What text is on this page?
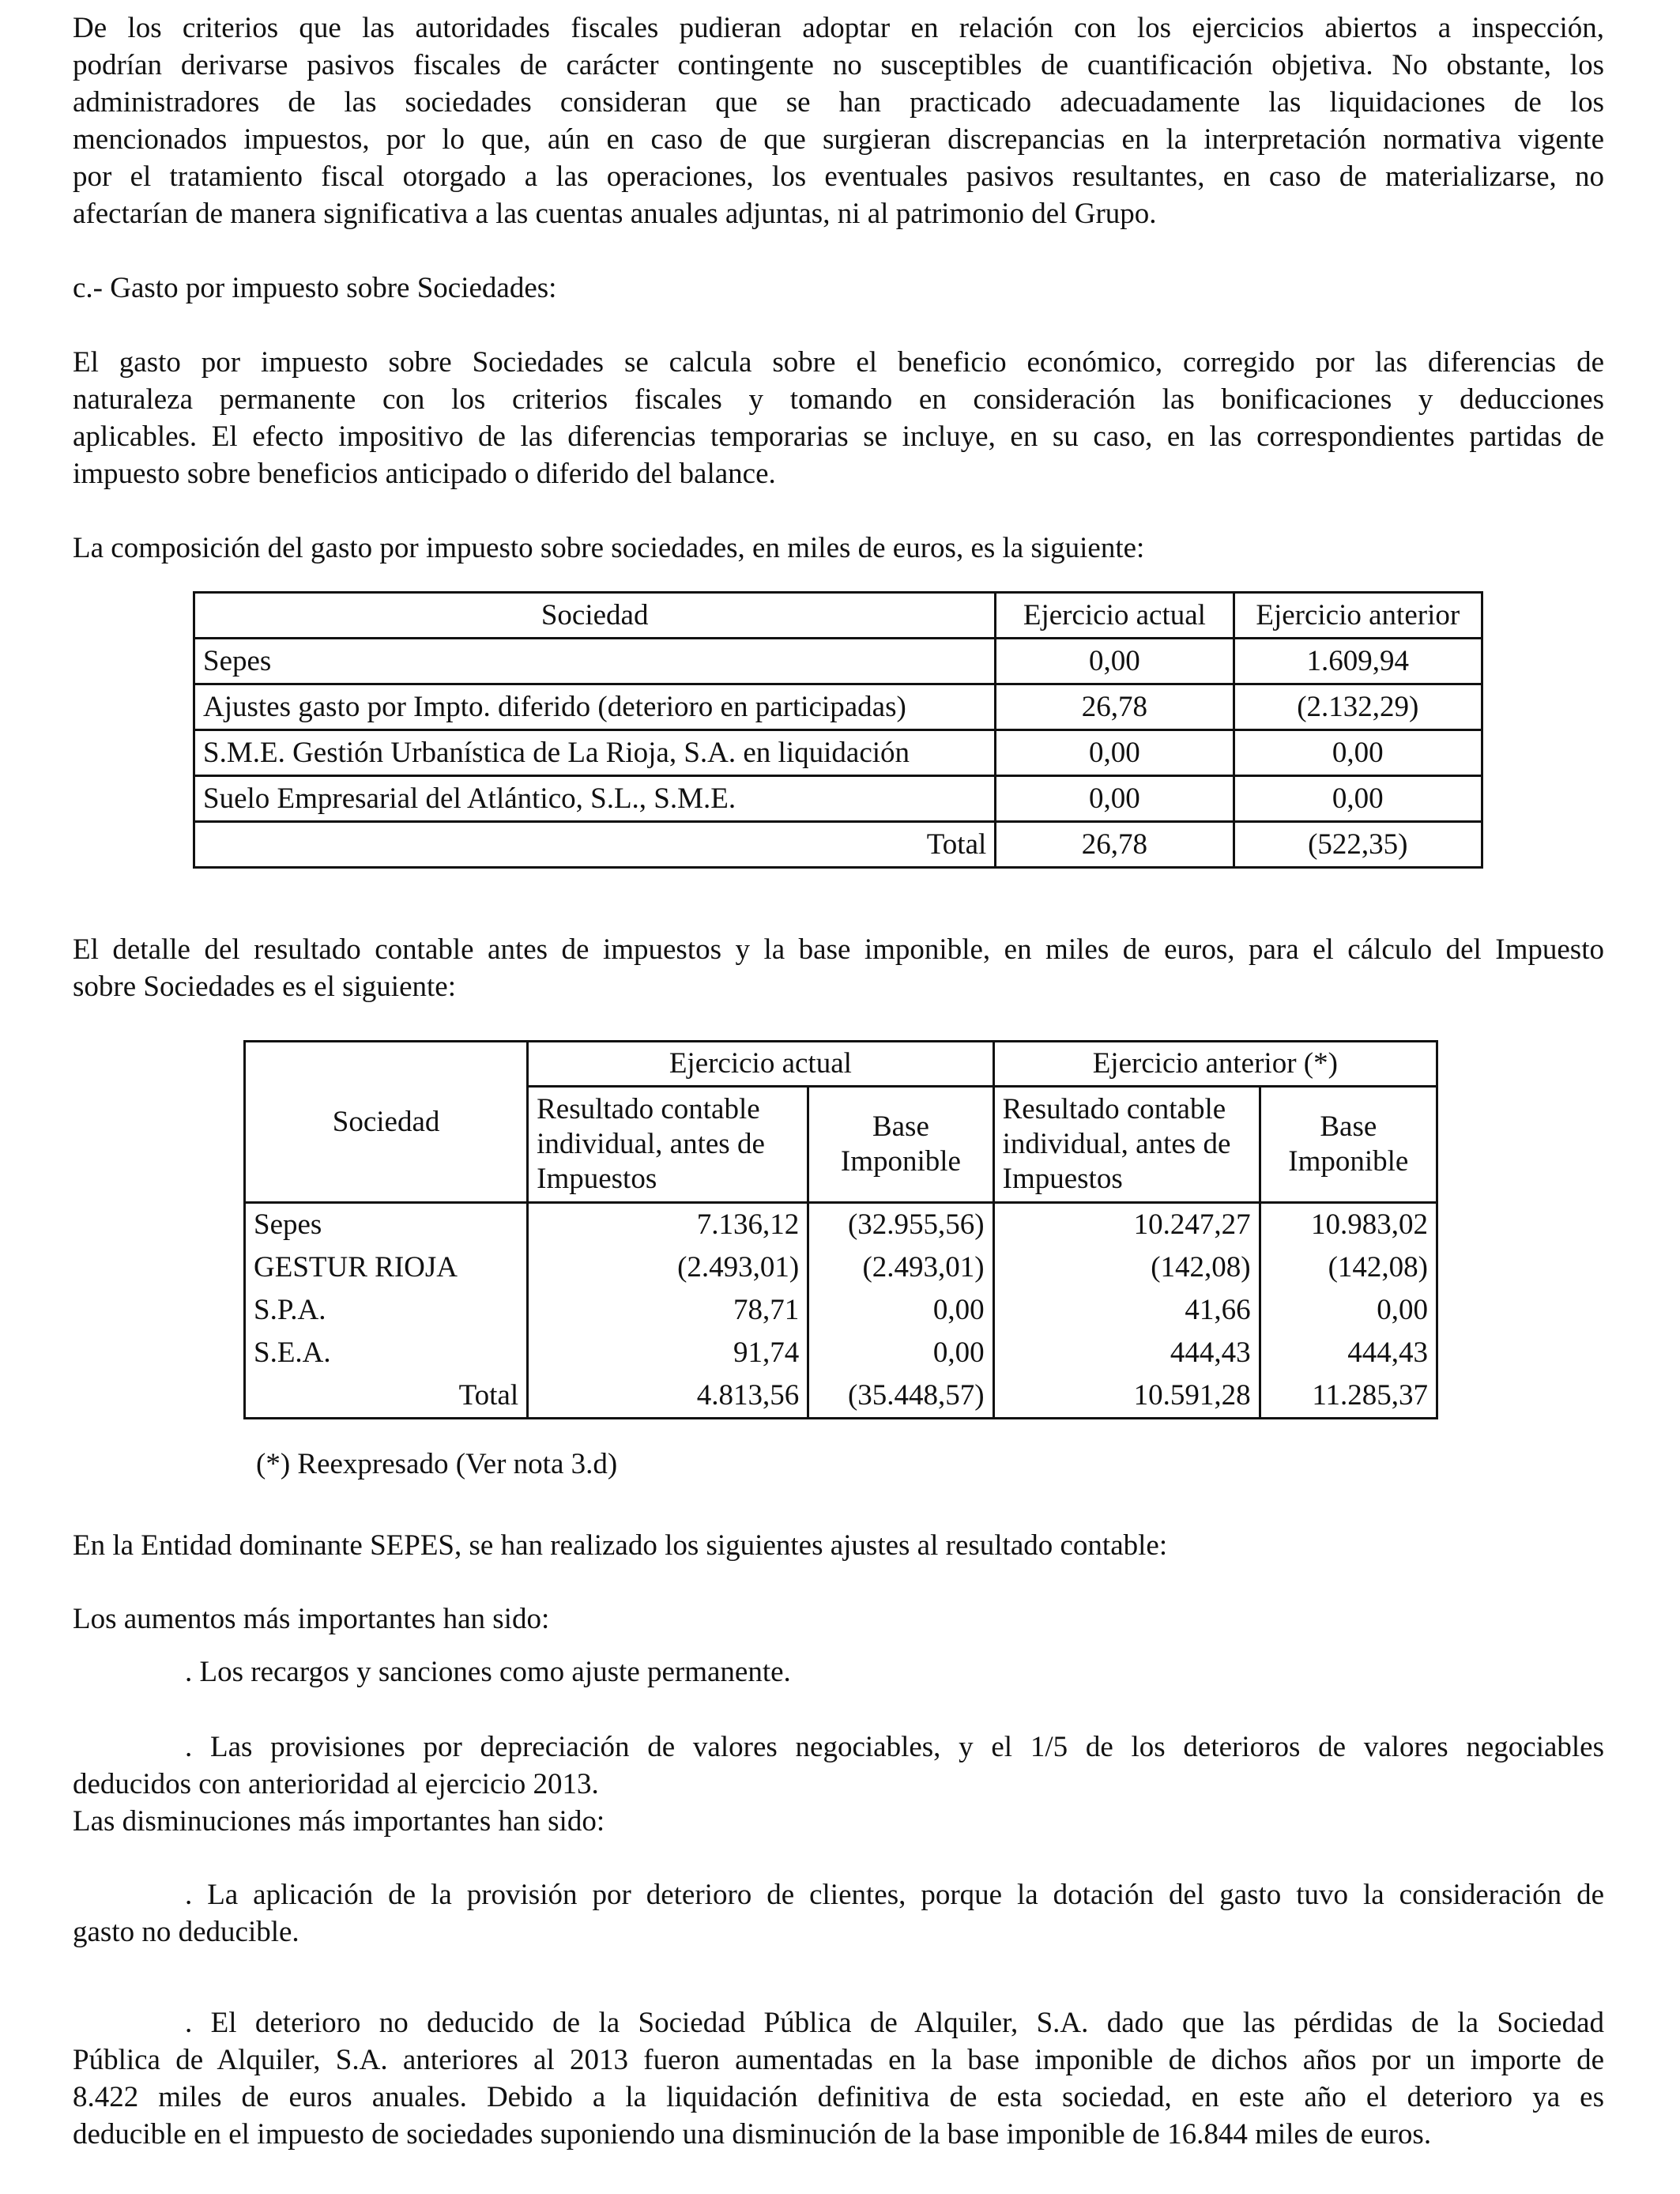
De los criterios que las autoridades fiscales pudieran adoptar en relación con los ejercicios abiertos a inspección,

podrían derivarse pasivos fiscales de carácter contingente no susceptibles de cuantificación objetiva. No obstante, los

administradores de las sociedades consideran que se han practicado adecuadamente las liquidaciones de los

mencionados impuestos, por lo que, aún en caso de que surgieran discrepancias en la interpretación normativa vigente

por el tratamiento fiscal otorgado a las operaciones, los eventuales pasivos resultantes, en caso de materializarse, no

afectarían de manera significativa a las cuentas anuales adjuntas, ni al patrimonio del Grupo.

c.- Gasto por impuesto sobre Sociedades:

El gasto por impuesto sobre Sociedades se calcula sobre el beneficio económico, corregido por las diferencias de

naturaleza permanente con los criterios fiscales y tomando en consideración las bonificaciones y deducciones

aplicables. El efecto impositivo de las diferencias temporarias se incluye, en su caso, en las correspondientes partidas de

impuesto sobre beneficios anticipado o diferido del balance.

La composición del gasto por impuesto sobre sociedades, en miles de euros, es la siguiente:

Sociedad	Ejercicio actual	Ejercicio anterior
Sepes	0,00	1.609,94
Ajustes gasto por Impto. diferido (deterioro en participadas)	26,78	(2.132,29)
S.M.E. Gestión Urbanística de La Rioja, S.A. en liquidación	0,00	0,00
Suelo Empresarial del Atlántico, S.L., S.M.E.	0,00	0,00
Total	26,78	(522,35)

El detalle del resultado contable antes de impuestos y la base imponible, en miles de euros, para el cálculo del Impuesto

sobre Sociedades es el siguiente:

Sociedad	Ejercicio actual		Ejercicio anterior (*)	
	Resultado contable individual, antes de Impuestos	Base Imponible	Resultado contable individual, antes de Impuestos	Base Imponible
Sepes	7.136,12	(32.955,56)	10.247,27	10.983,02
GESTUR RIOJA	(2.493,01)	(2.493,01)	(142,08)	(142,08)
S.P.A.	78,71	0,00	41,66	0,00
S.E.A.	91,74	0,00	444,43	444,43
Total	4.813,56	(35.448,57)	10.591,28	11.285,37

(*) Reexpresado (Ver nota 3.d)

En la Entidad dominante SEPES, se han realizado los siguientes ajustes al resultado contable:

Los aumentos más importantes han sido:

. Los recargos y sanciones como ajuste permanente.

. Las provisiones por depreciación de valores negociables, y el 1/5 de los deterioros de valores negociables

deducidos con anterioridad al ejercicio 2013.

Las disminuciones más importantes han sido:

. La aplicación de la provisión por deterioro de clientes, porque la dotación del gasto tuvo la consideración de

gasto no deducible.

. El deterioro no deducido de la Sociedad Pública de Alquiler, S.A. dado que las pérdidas de la Sociedad

Pública de Alquiler, S.A. anteriores al 2013 fueron aumentadas en la base imponible de dichos años por un importe de

8.422 miles de euros anuales. Debido a la liquidación definitiva de esta sociedad, en este año el deterioro ya es

deducible en el impuesto de sociedades suponiendo una disminución de la base imponible de 16.844 miles de euros.
